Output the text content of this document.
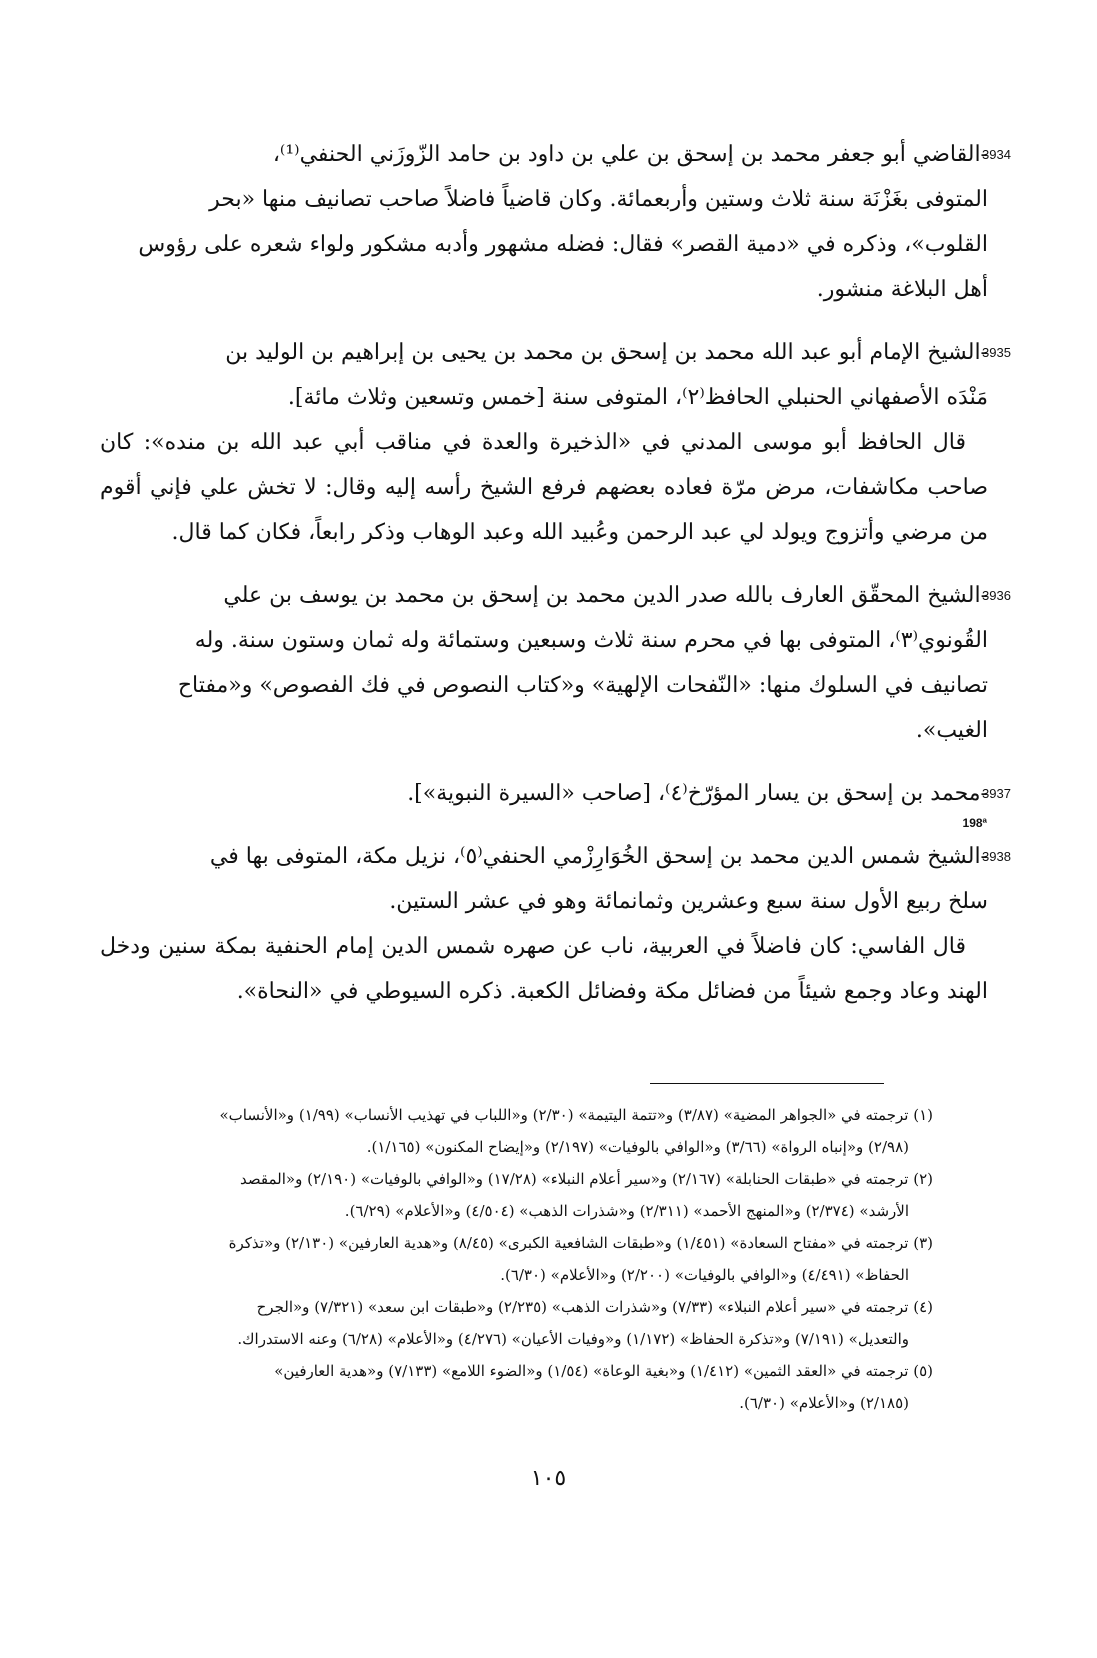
3934

-القاضي أبو جعفر محمد بن إسحق بن علي بن داود بن حامد الزّوزَني الحنفي⁽¹⁾،

المتوفى بغَزْنَة سنة ثلاث وستين وأربعمائة. وكان قاضياً فاضلاً صاحب تصانيف منها «بحر

القلوب»، وذكره في «دمية القصر» فقال: فضله مشهور وأدبه مشكور ولواء شعره على رؤوس

أهل البلاغة منشور.

3935

-الشيخ الإمام أبو عبد الله محمد بن إسحق بن محمد بن يحيى بن إبراهيم بن الوليد بن

مَنْدَه الأصفهاني الحنبلي الحافظ⁽٢⁾، المتوفى سنة [خمس وتسعين وثلاث مائة].

قال الحافظ أبو موسى المدني في «الذخيرة والعدة في مناقب أبي عبد الله بن منده»: كان صاحب مكاشفات، مرض مرّة فعاده بعضهم فرفع الشيخ رأسه إليه وقال: لا تخش علي فإني أقوم من مرضي وأتزوج ويولد لي عبد الرحمن وعُبيد الله وعبد الوهاب وذكر رابعاً، فكان كما قال.

3936

-الشيخ المحقّق العارف بالله صدر الدين محمد بن إسحق بن محمد بن يوسف بن علي

القُونوي⁽٣⁾، المتوفى بها في محرم سنة ثلاث وسبعين وستمائة وله ثمان وستون سنة. وله

تصانيف في السلوك منها: «النّفحات الإلهية» و«كتاب النصوص في فك الفصوص» و«مفتاح

الغيب».

3937

-محمد بن إسحق بن يسار المؤرّخ⁽٤⁾، [صاحب «السيرة النبوية»].

3938

-الشيخ شمس الدين محمد بن إسحق الخُوَارِزْمي الحنفي⁽٥⁾، نزيل مكة، المتوفى بها في

سلخ ربيع الأول سنة سبع وعشرين وثمانمائة وهو في عشر الستين.

قال الفاسي: كان فاضلاً في العربية، ناب عن صهره شمس الدين إمام الحنفية بمكة سنين ودخل الهند وعاد وجمع شيئاً من فضائل مكة وفضائل الكعبة. ذكره السيوطي في «النحاة».

198ª

(١) ترجمته في «الجواهر المضية» (٣/٨٧) و«تتمة اليتيمة» (٢/٣٠) و«اللباب في تهذيب الأنساب» (١/٩٩) و«الأنساب»

(٢/٩٨) و«إنباه الرواة» (٣/٦٦) و«الوافي بالوفيات» (٢/١٩٧) و«إيضاح المكنون» (١/١٦٥).

(٢) ترجمته في «طبقات الحنابلة» (٢/١٦٧) و«سير أعلام النبلاء» (١٧/٢٨) و«الوافي بالوفيات» (٢/١٩٠) و«المقصد

الأرشد» (٢/٣٧٤) و«المنهج الأحمد» (٢/٣١١) و«شذرات الذهب» (٤/٥٠٤) و«الأعلام» (٦/٢٩).

(٣) ترجمته في «مفتاح السعادة» (١/٤٥١) و«طبقات الشافعية الكبرى» (٨/٤٥) و«هدية العارفين» (٢/١٣٠) و«تذكرة

الحفاظ» (٤/٤٩١) و«الوافي بالوفيات» (٢/٢٠٠) و«الأعلام» (٦/٣٠).

(٤) ترجمته في «سير أعلام النبلاء» (٧/٣٣) و«شذرات الذهب» (٢/٢٣٥) و«طبقات ابن سعد» (٧/٣٢١) و«الجرح

والتعديل» (٧/١٩١) و«تذكرة الحفاظ» (١/١٧٢) و«وفيات الأعيان» (٤/٢٧٦) و«الأعلام» (٦/٢٨) وعنه الاستدراك.

(٥) ترجمته في «العقد الثمين» (١/٤١٢) و«بغية الوعاة» (١/٥٤) و«الضوء اللامع» (٧/١٣٣) و«هدية العارفين»

(٢/١٨٥) و«الأعلام» (٦/٣٠).

١٠٥
